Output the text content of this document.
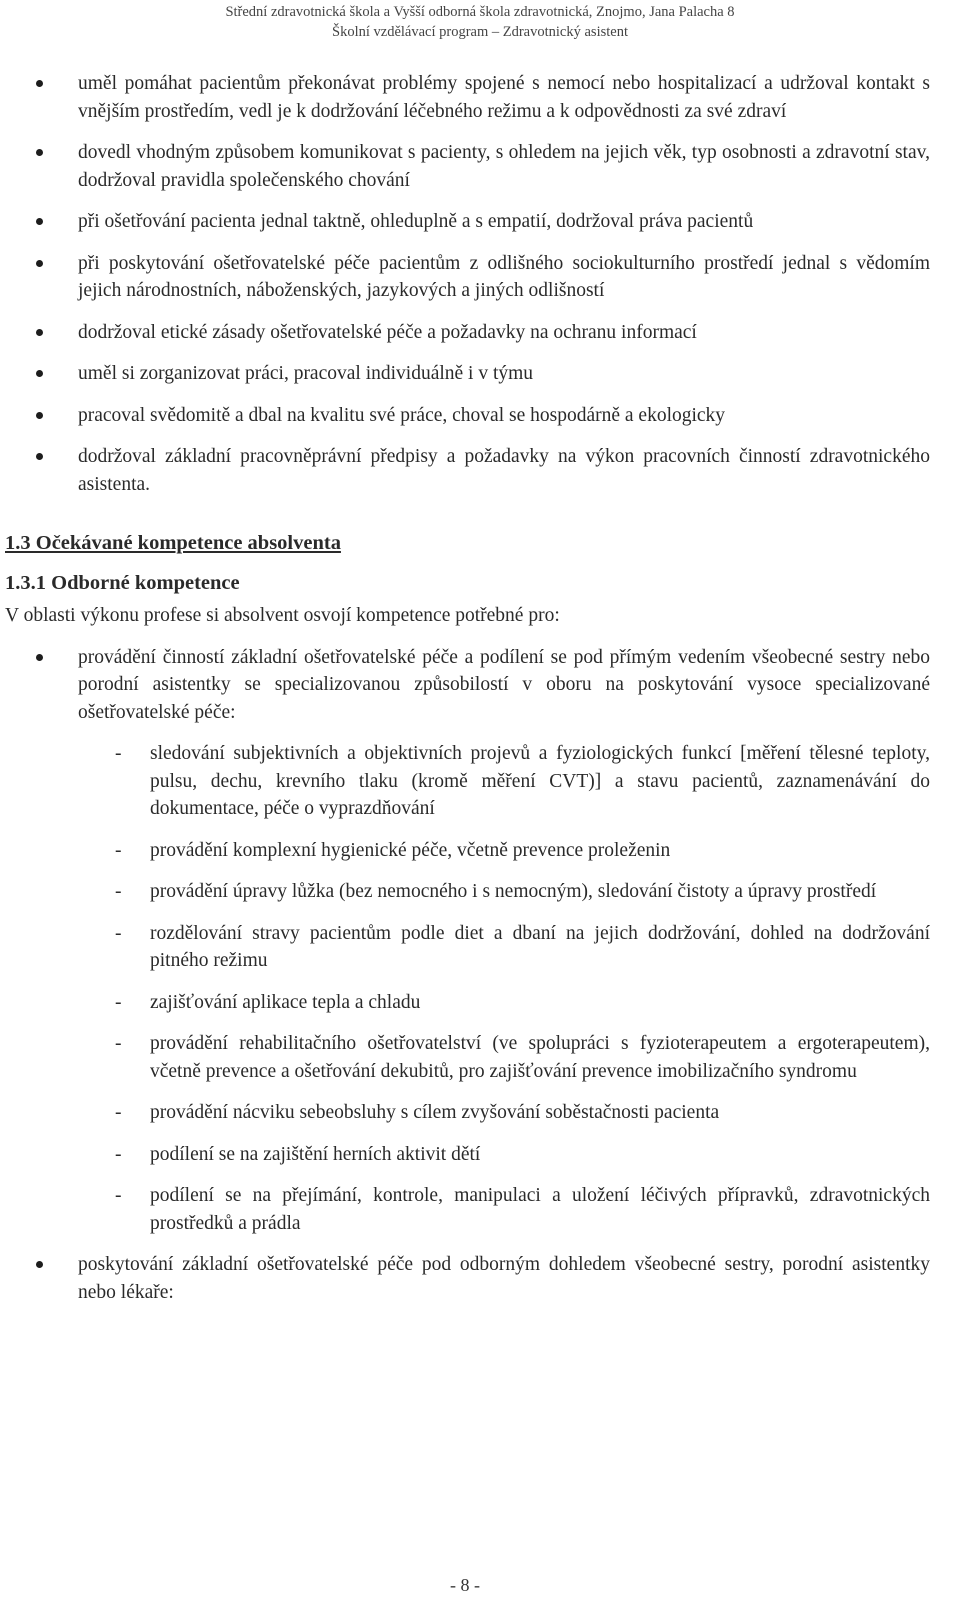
Střední zdravotnická škola a Vyšší odborná škola zdravotnická, Znojmo, Jana Palacha 8
Školní vzdělávací program – Zdravotnický asistent
uměl pomáhat pacientům překonávat problémy spojené s nemocí nebo hospitalizací a udržoval kontakt s vnějším prostředím, vedl je k dodržování léčebného režimu a k odpovědnosti za své zdraví
dovedl vhodným způsobem komunikovat s pacienty, s ohledem na jejich věk, typ osobnosti a zdravotní stav, dodržoval pravidla společenského chování
při ošetřování pacienta jednal taktně, ohleduplně a s empatií, dodržoval práva pacientů
při poskytování ošetřovatelské péče pacientům z odlišného sociokulturního prostředí jednal s vědomím jejich národnostních, náboženských, jazykových a jiných odlišností
dodržoval etické zásady ošetřovatelské péče a požadavky na ochranu informací
uměl si zorganizovat práci, pracoval individuálně i v týmu
pracoval svědomitě a dbal na kvalitu své práce, choval se hospodárně a ekologicky
dodržoval základní pracovněprávní předpisy a požadavky na výkon pracovních činností zdravotnického asistenta.
1.3 Očekávané kompetence absolventa
1.3.1 Odborné kompetence
V oblasti výkonu profese si absolvent osvojí kompetence potřebné pro:
provádění činností základní ošetřovatelské péče a podílení se pod přímým vedením všeobecné sestry nebo porodní asistentky se specializovanou způsobilostí v oboru na poskytování vysoce specializované ošetřovatelské péče:
- sledování subjektivních a objektivních projevů a fyziologických funkcí [měření tělesné teploty, pulsu, dechu, krevního tlaku (kromě měření CVT)] a stavu pacientů, zaznamenávání do dokumentace, péče o vyprazdňování
- provádění komplexní hygienické péče, včetně prevence proleženin
- provádění úpravy lůžka (bez nemocného i s nemocným), sledování čistoty a úpravy prostředí
- rozdělování stravy pacientům podle diet a dbaní na jejich dodržování, dohled na dodržování pitného režimu
- zajišťování aplikace tepla a chladu
- provádění rehabilitačního ošetřovatelství (ve spolupráci s fyzioterapeutem a ergoterapeutem), včetně prevence a ošetřování dekubitů, pro zajišťování prevence imobilizačního syndromu
- provádění nácviku sebeobsluhy s cílem zvyšování soběstačnosti pacienta
- podílení se na zajištění herních aktivit dětí
- podílení se na přejímání, kontrole, manipulaci a uložení léčivých přípravků, zdravotnických prostředků a prádla
poskytování základní ošetřovatelské péče pod odborným dohledem všeobecné sestry, porodní asistentky nebo lékaře:
- 8 -
